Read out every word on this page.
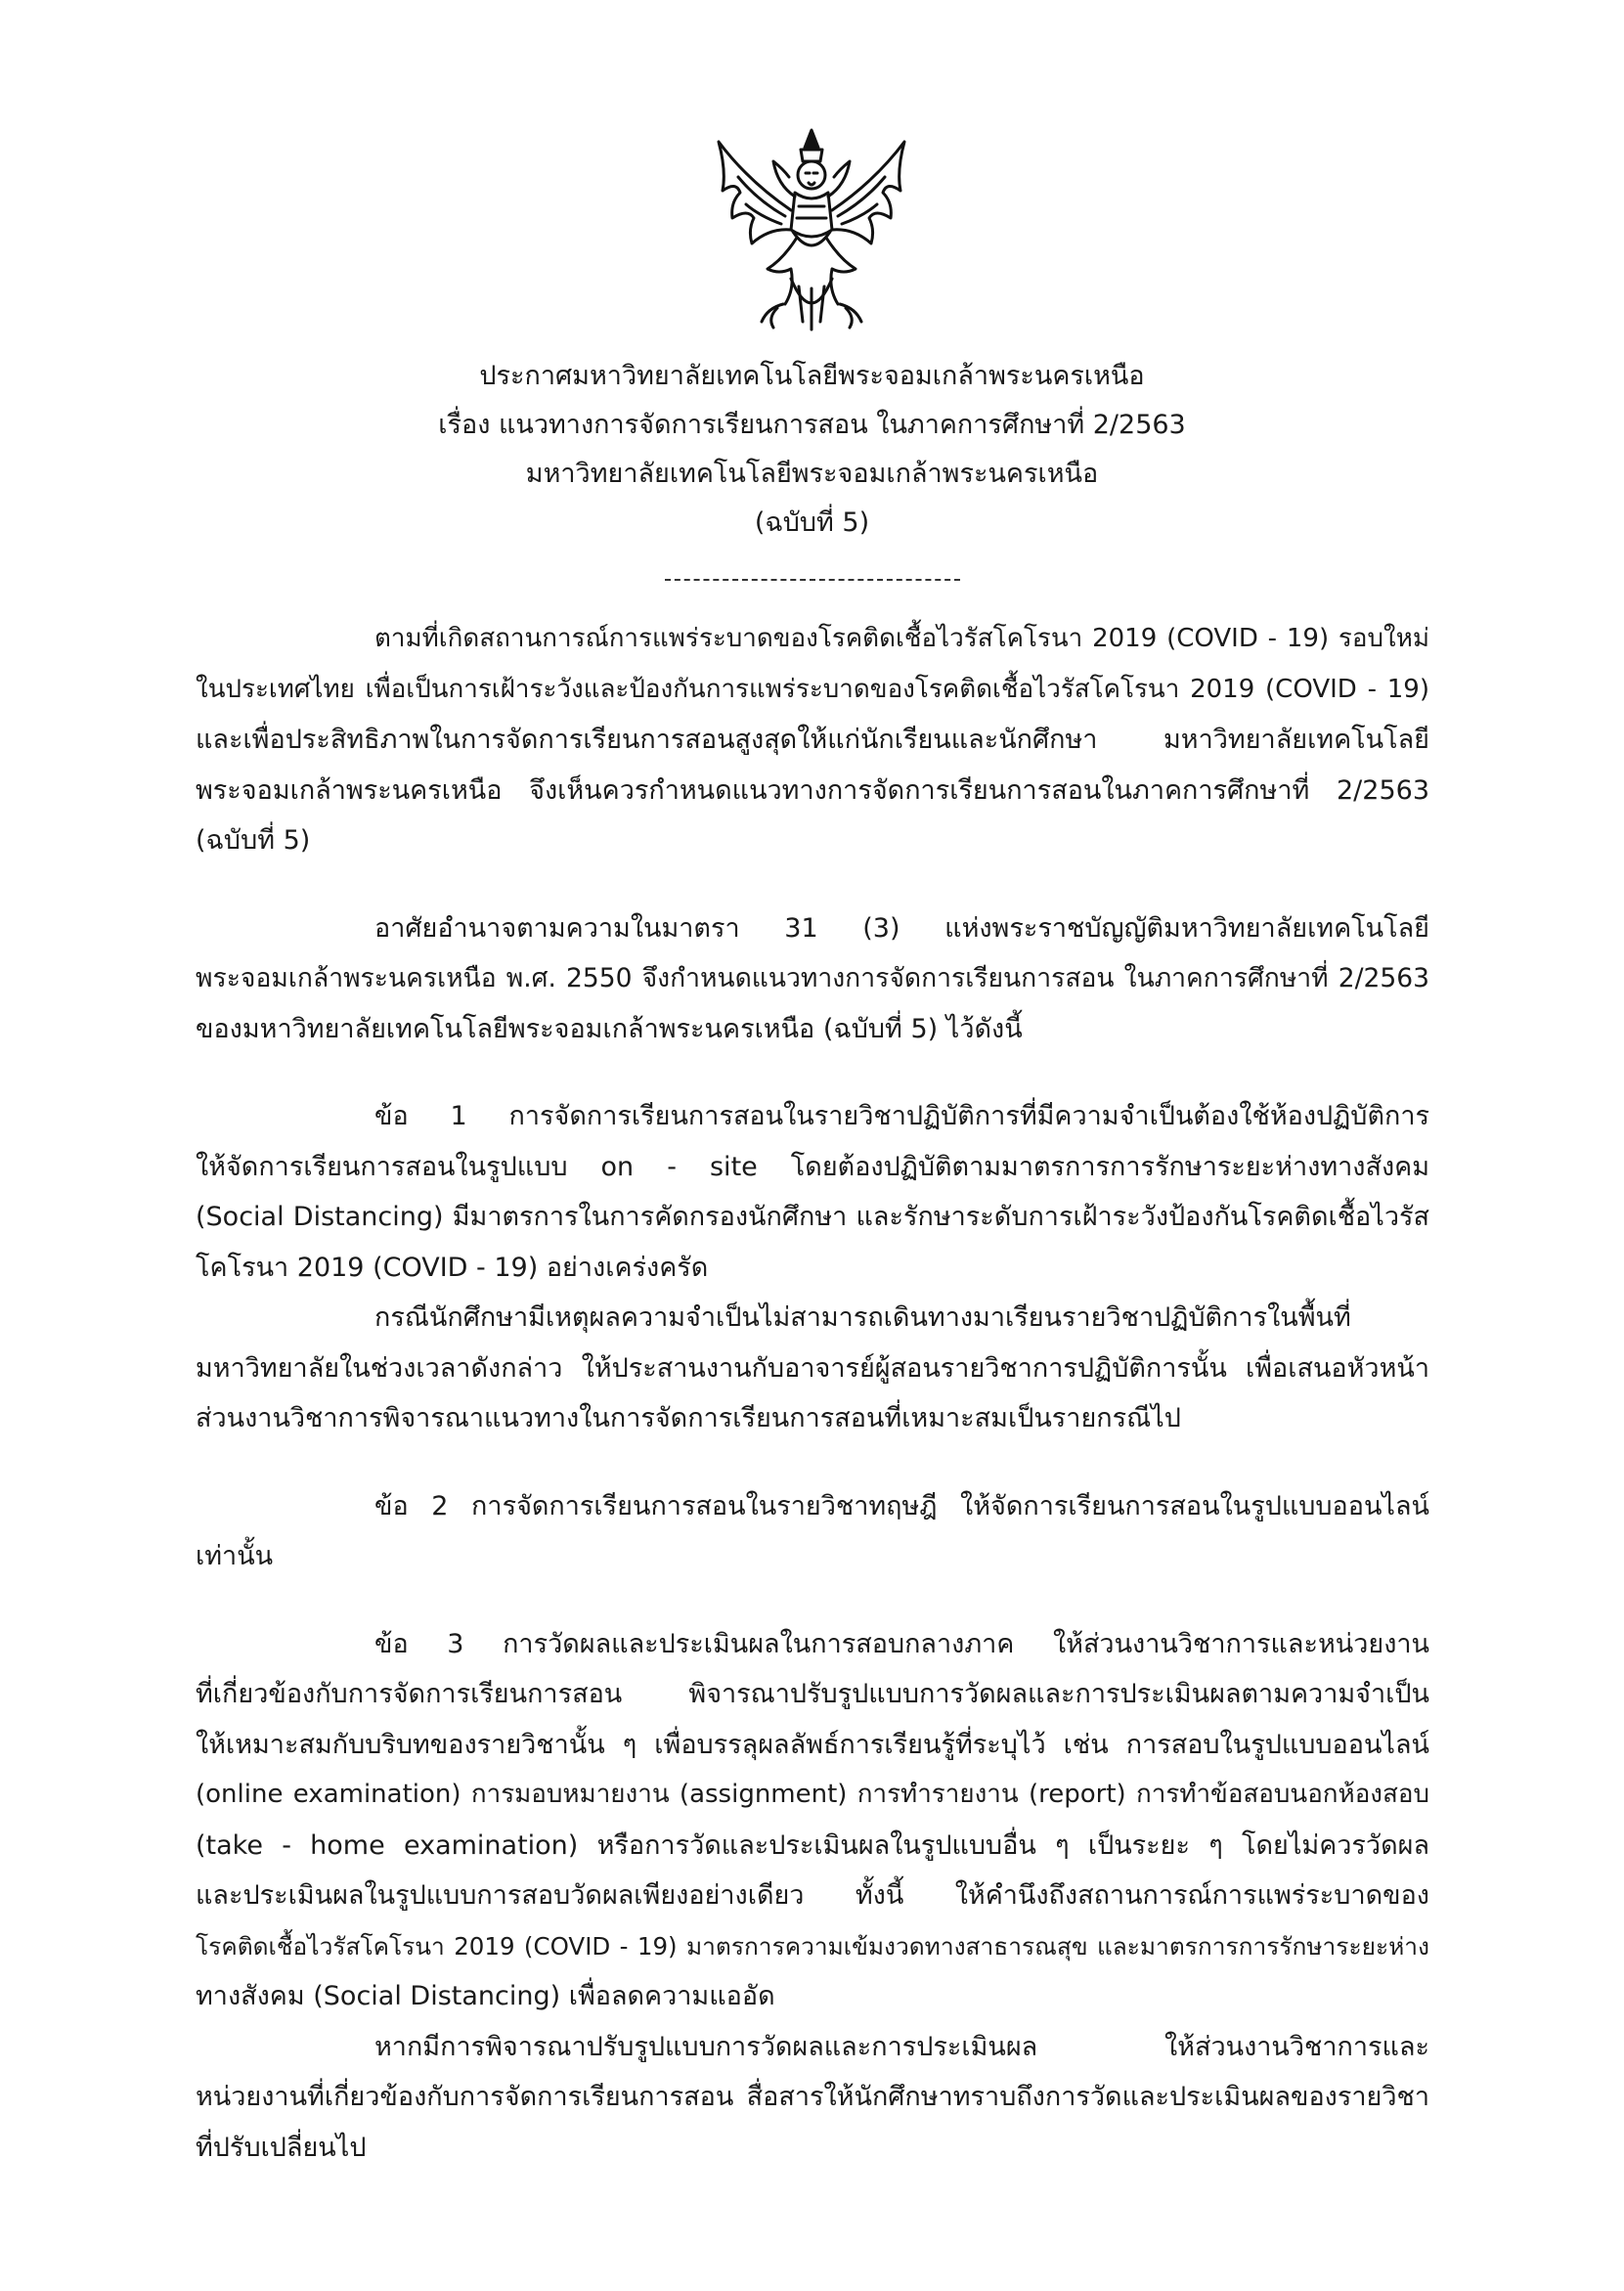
ประกาศมหาวิทยาลัยเทคโนโลยีพระจอมเกล้าพระนครเหนือ
เรื่อง แนวทางการจัดการเรียนการสอน ในภาคการศึกษาที่ 2/2563
มหาวิทยาลัยเทคโนโลยีพระจอมเกล้าพระนครเหนือ
(ฉบับที่ 5)

ตามที่เกิดสถานการณ์การแพร่ระบาดของโรคติดเชื้อไวรัสโคโรนา 2019 (COVID - 19) รอบใหม่
ในประเทศไทย เพื่อเป็นการเฝ้าระวังและป้องกันการแพร่ระบาดของโรคติดเชื้อไวรัสโคโรนา 2019 (COVID - 19)
และเพื่อประสิทธิภาพในการจัดการเรียนการสอนสูงสุดให้แก่นักเรียนและนักศึกษา มหาวิทยาลัยเทคโนโลยี
พระจอมเกล้าพระนครเหนือ จึงเห็นควรกำหนดแนวทางการจัดการเรียนการสอนในภาคการศึกษาที่ 2/2563
(ฉบับที่ 5)

อาศัยอำนาจตามความในมาตรา 31 (3) แห่งพระราชบัญญัติมหาวิทยาลัยเทคโนโลยี
พระจอมเกล้าพระนครเหนือ พ.ศ. 2550 จึงกำหนดแนวทางการจัดการเรียนการสอน ในภาคการศึกษาที่ 2/2563
ของมหาวิทยาลัยเทคโนโลยีพระจอมเกล้าพระนครเหนือ (ฉบับที่ 5) ไว้ดังนี้

ข้อ 1 การจัดการเรียนการสอนในรายวิชาปฏิบัติการที่มีความจำเป็นต้องใช้ห้องปฏิบัติการ
ให้จัดการเรียนการสอนในรูปแบบ on - site โดยต้องปฏิบัติตามมาตรการการรักษาระยะห่างทางสังคม
(Social Distancing) มีมาตรการในการคัดกรองนักศึกษา และรักษาระดับการเฝ้าระวังป้องกันโรคติดเชื้อไวรัส
โคโรนา 2019 (COVID - 19) อย่างเคร่งครัด

กรณีนักศึกษามีเหตุผลความจำเป็นไม่สามารถเดินทางมาเรียนรายวิชาปฏิบัติการในพื้นที่
มหาวิทยาลัยในช่วงเวลาดังกล่าว ให้ประสานงานกับอาจารย์ผู้สอนรายวิชาการปฏิบัติการนั้น เพื่อเสนอหัวหน้า
ส่วนงานวิชาการพิจารณาแนวทางในการจัดการเรียนการสอนที่เหมาะสมเป็นรายกรณีไป

ข้อ 2 การจัดการเรียนการสอนในรายวิชาทฤษฎี ให้จัดการเรียนการสอนในรูปแบบออนไลน์
เท่านั้น

ข้อ 3 การวัดผลและประเมินผลในการสอบกลางภาค ให้ส่วนงานวิชาการและหน่วยงาน
ที่เกี่ยวข้องกับการจัดการเรียนการสอน พิจารณาปรับรูปแบบการวัดผลและการประเมินผลตามความจำเป็น
ให้เหมาะสมกับบริบทของรายวิชานั้น ๆ เพื่อบรรลุผลลัพธ์การเรียนรู้ที่ระบุไว้ เช่น การสอบในรูปแบบออนไลน์
(online examination) การมอบหมายงาน (assignment) การทำรายงาน (report) การทำข้อสอบนอกห้องสอบ
(take - home examination) หรือการวัดและประเมินผลในรูปแบบอื่น ๆ เป็นระยะ ๆ โดยไม่ควรวัดผล
และประเมินผลในรูปแบบการสอบวัดผลเพียงอย่างเดียว ทั้งนี้ ให้คำนึงถึงสถานการณ์การแพร่ระบาดของ
โรคติดเชื้อไวรัสโคโรนา 2019 (COVID - 19) มาตรการความเข้มงวดทางสาธารณสุข และมาตรการการรักษาระยะห่าง
ทางสังคม (Social Distancing) เพื่อลดความแออัด

หากมีการพิจารณาปรับรูปแบบการวัดผลและการประเมินผล ให้ส่วนงานวิชาการและ
หน่วยงานที่เกี่ยวข้องกับการจัดการเรียนการสอน สื่อสารให้นักศึกษาทราบถึงการวัดและประเมินผลของรายวิชา
ที่ปรับเปลี่ยนไป
